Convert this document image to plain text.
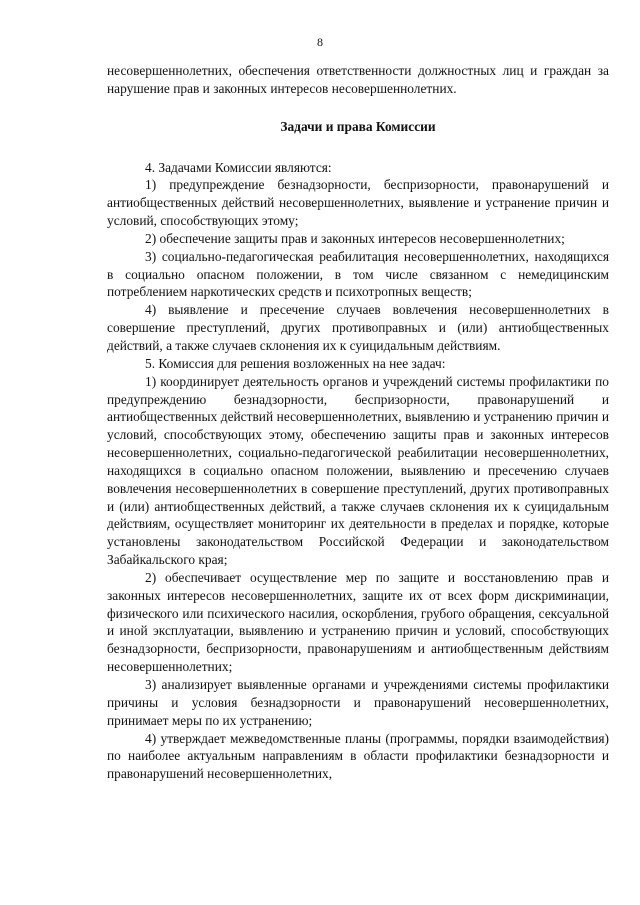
8
несовершеннолетних, обеспечения ответственности должностных лиц и граждан за нарушение прав и законных интересов несовершеннолетних.
Задачи и права Комиссии
4. Задачами Комиссии являются:
1) предупреждение безнадзорности, беспризорности, правонарушений и антиобщественных действий несовершеннолетних, выявление и устранение причин и условий, способствующих этому;
2) обеспечение защиты прав и законных интересов несовершеннолетних;
3) социально-педагогическая реабилитация несовершеннолетних, находящихся в социально опасном положении, в том числе связанном с немедицинским потреблением наркотических средств и психотропных веществ;
4) выявление и пресечение случаев вовлечения несовершеннолетних в совершение преступлений, других противоправных и (или) антиобщественных действий, а также случаев склонения их к суицидальным действиям.
5. Комиссия для решения возложенных на нее задач:
1) координирует деятельность органов и учреждений системы профилактики по предупреждению безнадзорности, беспризорности, правонарушений и антиобщественных действий несовершеннолетних, выявлению и устранению причин и условий, способствующих этому, обеспечению защиты прав и законных интересов несовершеннолетних, социально-педагогической реабилитации несовершеннолетних, находящихся в социально опасном положении, выявлению и пресечению случаев вовлечения несовершеннолетних в совершение преступлений, других противоправных и (или) антиобщественных действий, а также случаев склонения их к суицидальным действиям, осуществляет мониторинг их деятельности в пределах и порядке, которые установлены законодательством Российской Федерации и законодательством Забайкальского края;
2) обеспечивает осуществление мер по защите и восстановлению прав и законных интересов несовершеннолетних, защите их от всех форм дискриминации, физического или психического насилия, оскорбления, грубого обращения, сексуальной и иной эксплуатации, выявлению и устранению причин и условий, способствующих безнадзорности, беспризорности, правонарушениям и антиобщественным действиям несовершеннолетних;
3) анализирует выявленные органами и учреждениями системы профилактики причины и условия безнадзорности и правонарушений несовершеннолетних, принимает меры по их устранению;
4) утверждает межведомственные планы (программы, порядки взаимодействия) по наиболее актуальным направлениям в области профилактики безнадзорности и правонарушений несовершеннолетних,
